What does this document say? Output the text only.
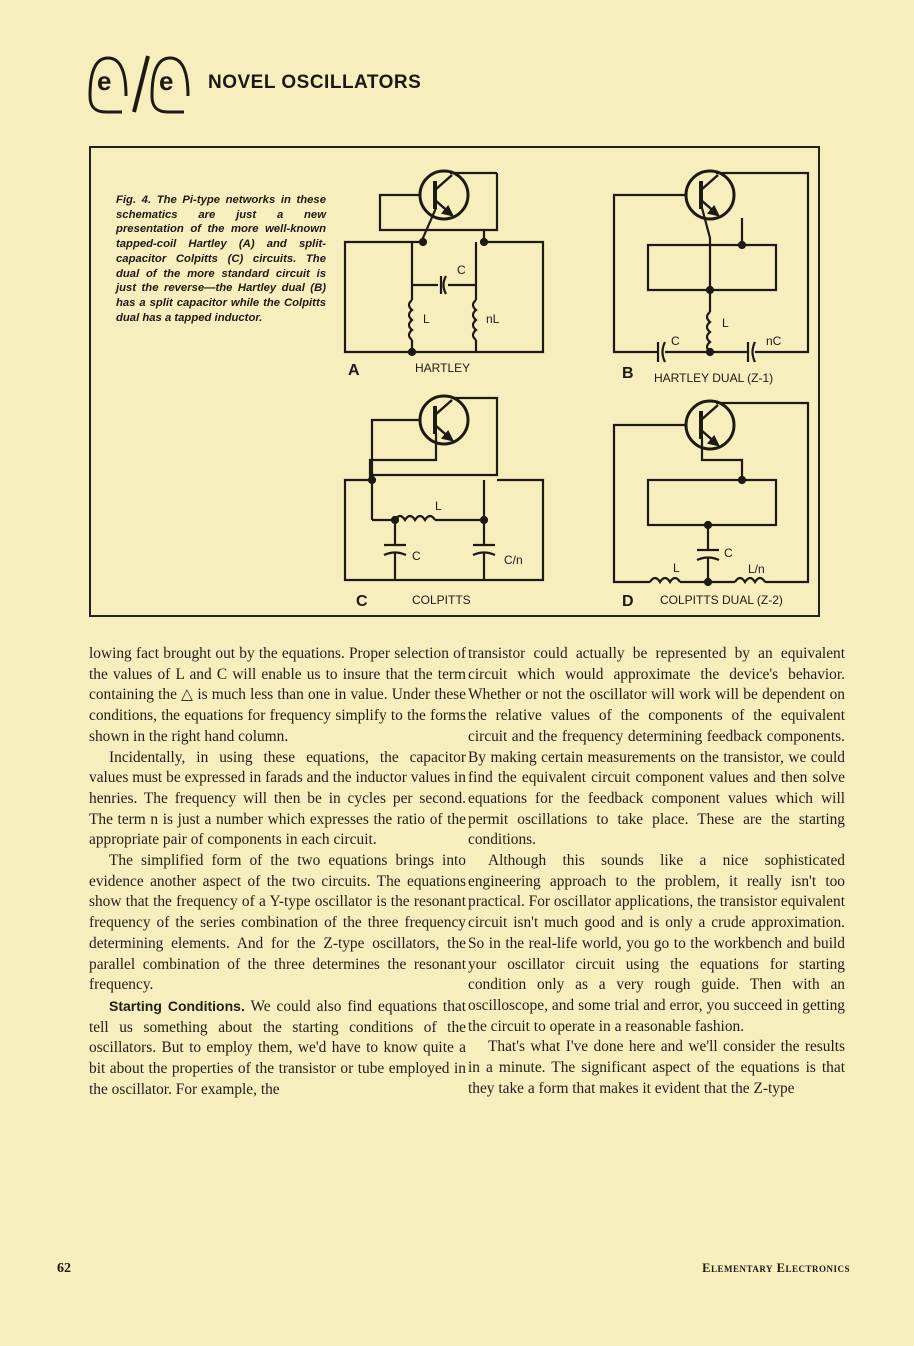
e e NOVEL OSCILLATORS
Fig. 4. The Pi-type networks in these schematics are just a new presentation of the more well-known tapped-coil Hartley (A) and split-capacitor Colpitts (C) circuits. The dual of the more standard circuit is just the reverse—the Hartley dual (B) has a split capacitor while the Colpitts dual has a tapped inductor.
A	HARTLEY
C
L	nL
B HARTLEY DUAL (Z-1)
C	nC
L
C	COLPITTS
L
C	C/n
D COLPITTS DUAL (Z-2)
L
C
L/n

lowing fact brought out by the equations. Proper selection of the values of L and C will enable us to insure that the term containing the △ is much less than one in value. Under these conditions, the equations for frequency simplify to the forms shown in the right hand column.

Incidentally, in using these equations, the capacitor values must be expressed in farads and the inductor values in henries. The frequency will then be in cycles per second. The term n is just a number which expresses the ratio of the appropriate pair of components in each circuit.

The simplified form of the two equations brings into evidence another aspect of the two circuits. The equations show that the frequency of a Y-type oscillator is the resonant frequency of the series combination of the three frequency determining elements. And for the Z-type oscillators, the parallel combination of the three determines the resonant frequency.

Starting Conditions. We could also find equations that tell us something about the starting conditions of the oscillators. But to employ them, we'd have to know quite a bit about the properties of the transistor or tube employed in the oscillator. For example, the

transistor could actually be represented by an equivalent circuit which would approximate the device's behavior. Whether or not the oscillator will work will be dependent on the relative values of the components of the equivalent circuit and the frequency determining feedback components. By making certain measurements on the transistor, we could find the equivalent circuit component values and then solve equations for the feedback component values which will permit oscillations to take place. These are the starting conditions.

Although this sounds like a nice sophisticated engineering approach to the problem, it really isn't too practical. For oscillator applications, the transistor equivalent circuit isn't much good and is only a crude approximation. So in the real-life world, you go to the workbench and build your oscillator circuit using the equations for starting condition only as a very rough guide. Then with an oscilloscope, and some trial and error, you succeed in getting the circuit to operate in a reasonable fashion.

That's what I've done here and we'll consider the results in a minute. The significant aspect of the equations is that they take a form that makes it evident that the Z-type

62	Elementary Electronics
